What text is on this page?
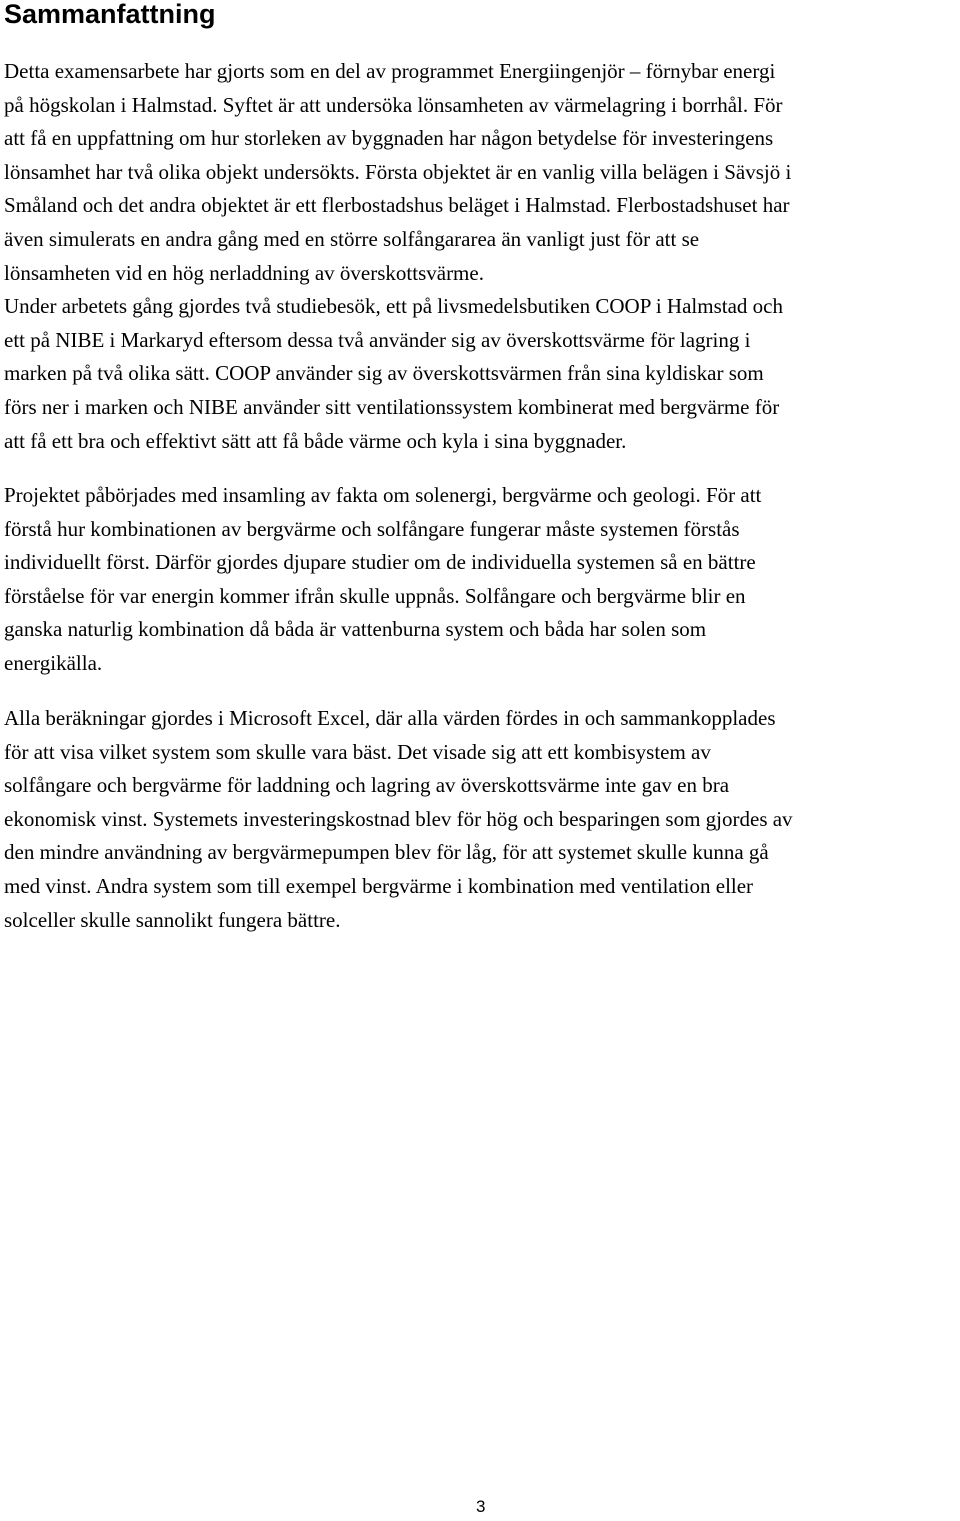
Sammanfattning

Detta examensarbete har gjorts som en del av programmet Energiingenjör – förnybar energi
på högskolan i Halmstad. Syftet är att undersöka lönsamheten av värmelagring i borrhål. För
att få en uppfattning om hur storleken av byggnaden har någon betydelse för investeringens
lönsamhet har två olika objekt undersökts. Första objektet är en vanlig villa belägen i Sävsjö i
Småland och det andra objektet är ett flerbostadshus beläget i Halmstad. Flerbostadshuset har
även simulerats en andra gång med en större solfångararea än vanligt just för att se
lönsamheten vid en hög nerladdning av överskottsvärme.
Under arbetets gång gjordes två studiebesök, ett på livsmedelsbutiken COOP i Halmstad och
ett på NIBE i Markaryd eftersom dessa två använder sig av överskottsvärme för lagring i
marken på två olika sätt. COOP använder sig av överskottsvärmen från sina kyldiskar som
förs ner i marken och NIBE använder sitt ventilationssystem kombinerat med bergvärme för
att få ett bra och effektivt sätt att få både värme och kyla i sina byggnader.

Projektet påbörjades med insamling av fakta om solenergi, bergvärme och geologi. För att
förstå hur kombinationen av bergvärme och solfångare fungerar måste systemen förstås
individuellt först. Därför gjordes djupare studier om de individuella systemen så en bättre
förståelse för var energin kommer ifrån skulle uppnås. Solfångare och bergvärme blir en
ganska naturlig kombination då båda är vattenburna system och båda har solen som
energikälla.

Alla beräkningar gjordes i Microsoft Excel, där alla värden fördes in och sammankopplades
för att visa vilket system som skulle vara bäst. Det visade sig att ett kombisystem av
solfångare och bergvärme för laddning och lagring av överskottsvärme inte gav en bra
ekonomisk vinst. Systemets investeringskostnad blev för hög och besparingen som gjordes av
den mindre användning av bergvärmepumpen blev för låg, för att systemet skulle kunna gå
med vinst. Andra system som till exempel bergvärme i kombination med ventilation eller
solceller skulle sannolikt fungera bättre.

3
